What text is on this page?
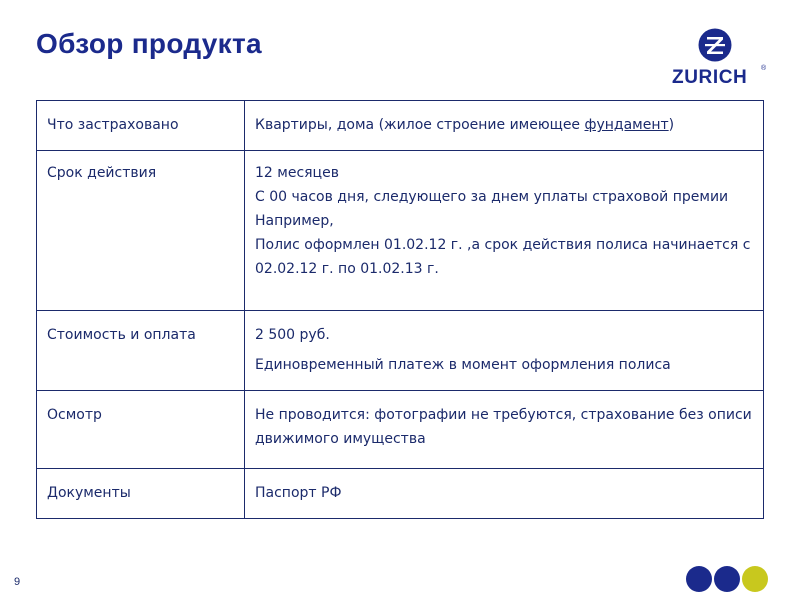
Обзор продукта
ZURICH ®
Что застраховано	Квартиры, дома (жилое строение имеющее фундамент)
Срок действия	12 месяцев
С 00 часов дня, следующего за днем уплаты страховой премии
Например,
Полис оформлен 01.02.12 г. ,а срок действия полиса начинается с 02.02.12 г. по 01.02.13 г.

Стоимость и оплата	2 500 руб.
Единовременный платеж в момент оформления полиса

Осмотр	Не проводится: фотографии не требуются, страхование без описи движимого имущества

Документы	Паспорт РФ
9
